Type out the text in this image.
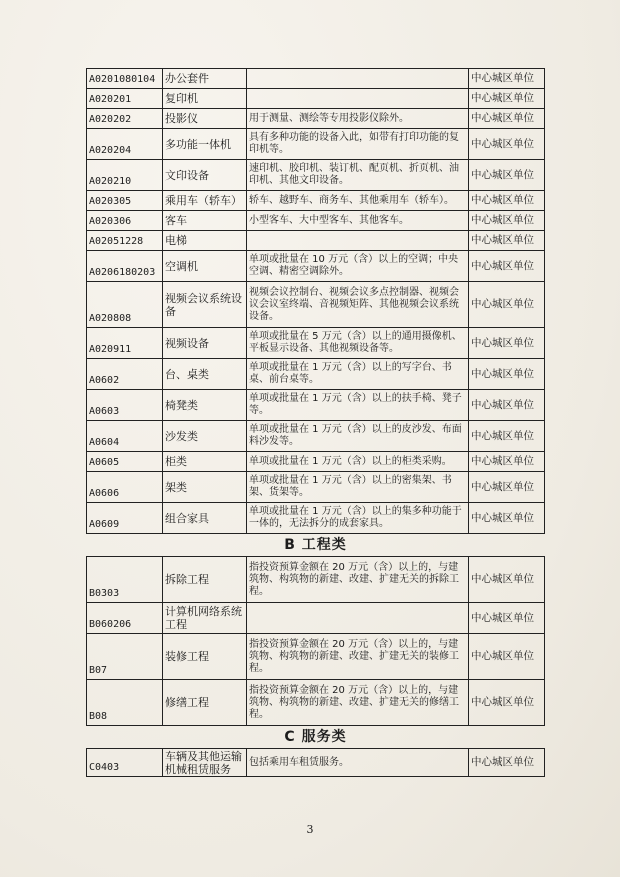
A0201080104	办公套件		中心城区单位
A020201	复印机		中心城区单位
A020202	投影仪	用于测量、测绘等专用投影仪除外。	中心城区单位
A020204	多功能一体机	具有多种功能的设备入此，如带有打印功能的复印机等。	中心城区单位
A020210	文印设备	速印机、胶印机、装订机、配页机、折页机、油印机、其他文印设备。	中心城区单位
A020305	乘用车（轿车）	轿车、越野车、商务车、其他乘用车（轿车）。	中心城区单位
A020306	客车	小型客车、大中型客车、其他客车。	中心城区单位
A02051228	电梯		中心城区单位
A0206180203	空调机	单项或批量在 10 万元（含）以上的空调；中央空调、精密空调除外。	中心城区单位
A020808	视频会议系统设备	视频会议控制台、视频会议多点控制器、视频会议会议室终端、音视频矩阵、其他视频会议系统设备。	中心城区单位
A020911	视频设备	单项或批量在 5 万元（含）以上的通用摄像机、平板显示设备、其他视频设备等。	中心城区单位
A0602	台、桌类	单项或批量在 1 万元（含）以上的写字台、书桌、前台桌等。	中心城区单位
A0603	椅凳类	单项或批量在 1 万元（含）以上的扶手椅、凳子等。	中心城区单位
A0604	沙发类	单项或批量在 1 万元（含）以上的皮沙发、布面料沙发等。	中心城区单位
A0605	柜类	单项或批量在 1 万元（含）以上的柜类采购。	中心城区单位
A0606	架类	单项或批量在 1 万元（含）以上的密集架、书架、货架等。	中心城区单位
A0609	组合家具	单项或批量在 1 万元（含）以上的集多种功能于一体的，无法拆分的成套家具。	中心城区单位
B 工程类			
B0303	拆除工程	指投资预算金额在 20 万元（含）以上的，与建筑物、构筑物的新建、改建、扩建无关的拆除工程。	中心城区单位
B060206	计算机网络系统工程		中心城区单位
B07	装修工程	指投资预算金额在 20 万元（含）以上的，与建筑物、构筑物的新建、改建、扩建无关的装修工程。	中心城区单位
B08	修缮工程	指投资预算金额在 20 万元（含）以上的，与建筑物、构筑物的新建、改建、扩建无关的修缮工程。	中心城区单位
C 服务类			
C0403	车辆及其他运输机械租赁服务	包括乘用车租赁服务。	中心城区单位
3
